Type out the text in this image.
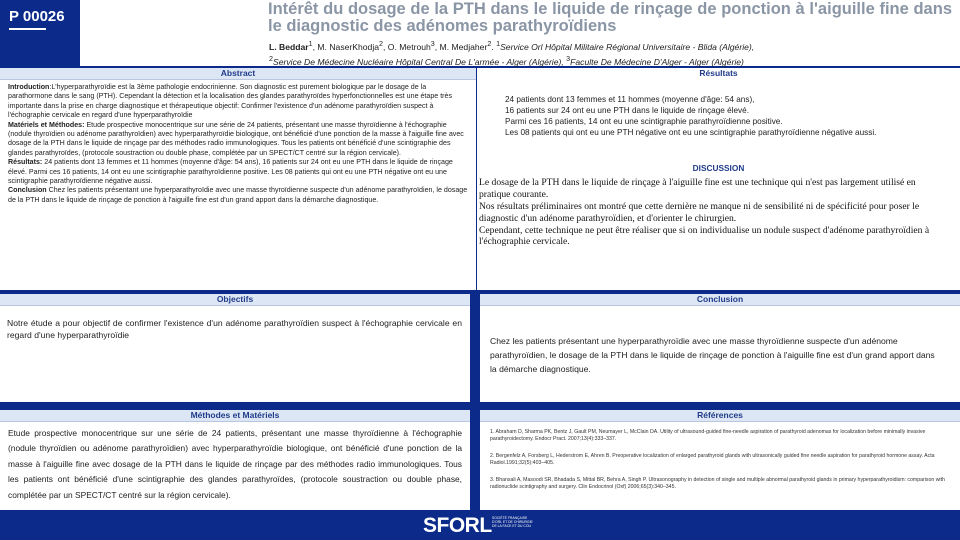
P 00026	Intérêt du dosage de la PTH dans le liquide de rinçage de ponction à l'aiguille fine dans le diagnostic des adénomes parathyroïdiens
L. Beddar$^1$, M. NaserKhodja$^2$, O. Metrouh$^3$, M. Medjaher$^2$. $^1$Service Orl Hôpital Militaire Régional Universitaire - Blida (Algérie),
$^2$Service De Médecine Nucléaire Hôpital Central De L'armée - Alger (Algérie), $^3$Faculte De Médecine D'Alger - Alger (Algérie)
Abstract
Introduction:L'hyperparathyroïdie est la 3ème pathologie endocrinienne. Son diagnostic est purement biologique par le dosage de la parathormone dans le sang (PTH). Cependant la détection et la localisation des glandes parathyroïdes hyperfonctionnelles est une étape très importante dans la prise en charge diagnostique et thérapeutique objectif: Confirmer l'existence d'un adénome parathyroïdien suspect à l'échographie cervicale en regard d'une hyperparathyroïdie
Matériels et Méthodes: Etude prospective monocentrique sur une série de 24 patients, présentant une masse thyroïdienne à l'échographie (nodule thyroïdien ou adénome parathyroïdien) avec hyperparathyroïdie biologique, ont bénéficié d'une ponction de la masse à l'aiguille fine avec dosage de la PTH dans le liquide de rinçage par des méthodes radio immunologiques. Tous les patients ont bénéficié d'une scintigraphie des glandes parathyroïdes, (protocole soustraction ou double phase, complétée par un SPECT/CT centré sur la région cervicale).
Résultats: 24 patients dont 13 femmes et 11 hommes (moyenne d'âge: 54 ans), 16 patients sur 24 ont eu une PTH dans le liquide de rinçage élevé. Parmi ces 16 patients, 14 ont eu une scintigraphie parathyroïdienne positive. Les 08 patients qui ont eu une PTH négative ont eu une scintigraphie parathyroïdienne négative aussi.
Conclusion Chez les patients présentant une hyperparathyroïdie avec une masse thyroïdienne suspecte d'un adénome parathyroïdien, le dosage de la PTH dans le liquide de rinçage de ponction à l'aiguille fine est d'un grand apport dans la démarche diagnostique.
Résultats
24 patients dont 13 femmes et 11 hommes (moyenne d'âge: 54 ans),
16 patients sur 24 ont eu une PTH dans le liquide de rinçage élevé.
Parmi ces 16 patients, 14 ont eu une scintigraphie parathyroïdienne positive.
Les 08 patients qui ont eu une PTH négative ont eu une scintigraphie parathyroïdienne négative aussi.
DISCUSSION
Le dosage de la PTH dans le liquide de rinçage à l'aiguille fine est une technique qui n'est pas largement utilisé en pratique courante.
Nos résultats préliminaires ont montré que cette dernière ne manque ni de sensibilité ni de spécificité pour poser le diagnostic d'un adénome parathyroïdien, et d'orienter le chirurgien.
Cependant, cette technique ne peut être réaliser que si on individualise un nodule suspect d'adénome parathyroïdien à l'échographie cervicale.
Objectifs
Notre étude a pour objectif de confirmer l'existence d'un adénome parathyroïdien suspect à l'échographie cervicale en regard d'une hyperparathyroïdie
Conclusion
Chez les patients présentant une hyperparathyroïdie avec une masse thyroïdienne suspecte d'un adénome parathyroïdien, le dosage de la PTH dans le liquide de rinçage de ponction à l'aiguille fine est d'un grand apport dans la démarche diagnostique.
Méthodes et Matériels
Etude prospective monocentrique sur une série de 24 patients, présentant une masse thyroïdienne à l'échographie (nodule thyroïdien ou adénome parathyroïdien) avec hyperparathyroïdie biologique, ont bénéficié d'une ponction de la masse à l'aiguille fine avec dosage de la PTH dans le liquide de rinçage par des méthodes radio immunologiques. Tous les patients ont bénéficié d'une scintigraphie des glandes parathyroïdes, (protocole soustraction ou double phase, complétée par un SPECT/CT centré sur la région cervicale).
Références
1. Abraham D, Sharma PK, Bentz J, Gault PM, Neumayer L, McClain DA. Utility of ultrasound-guided fine-needle aspiration of parathyroid adenomas for localization before minimally invasive parathyroidectomy. Endocr Pract. 2007;13(4):333–337.
2. Bergenfelz A, Forsberg L, Hederstrom E, Ahren B. Preoperative localization of enlarged parathyroid glands with ultrasonically guided fine needle aspiration for parathyroid hormone assay. Acta Radiol.1991;32(5):403–405.
3. Bhansali A, Masoodi SR, Bhadada S, Mittal BR, Behra A, Singh P. Ultrasonography in detection of single and multiple abnormal parathyroid glands in primary hyperparathyroidism: comparison with radionuclide scintigraphy and surgery. Clin Endocrinol (Oxf) 2006;65(3):340–345.
SFORL SOCIÉTÉ FRANÇAISE D'ORL ET DE CHIRURGIE DE LA FACE ET DU COU
